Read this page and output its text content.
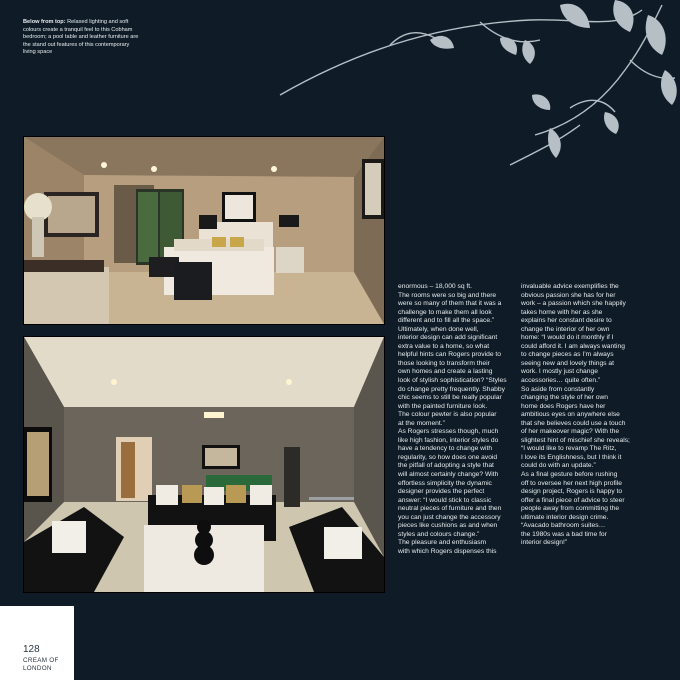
Below from top: Relaxed lighting and soft colours create a tranquil feel to this Cobham bedroom; a pool table and leather furniture are the stand out features of this contemporary living space

enormous – 18,000 sq ft.

The rooms were so big and there

were so many of them that it was a

challenge to make them all look

different and to fill all the space.”

Ultimately, when done well,

interior design can add significant

extra value to a home, so what

helpful hints can Rogers provide to

those looking to transform their

own homes and create a lasting

look of stylish sophistication? “Styles

do change pretty frequently. Shabby

chic seems to still be really popular

with the painted furniture look.

The colour pewter is also popular

at the moment.”

As Rogers stresses though, much

like high fashion, interior styles do

have a tendency to change with

regularity, so how does one avoid

the pitfall of adopting a style that

will almost certainly change? With

effortless simplicity the dynamic

designer provides the perfect

answer: “I would stick to classic

neutral pieces of furniture and then

you can just change the accessory

pieces like cushions as and when

styles and colours change.”

The pleasure and enthusiasm

with which Rogers dispenses this

invaluable advice exemplifies the

obvious passion she has for her

work – a passion which she happily

takes home with her as she

explains her constant desire to

change the interior of her own

home: “I would do it monthly if I

could afford it. I am always wanting

to change pieces as I’m always

seeing new and lovely things at

work. I mostly just change

accessories… quite often.”

So aside from constantly

changing the style of her own

home does Rogers have her

ambitious eyes on anywhere else

that she believes could use a touch

of her makeover magic? With the

slightest hint of mischief she reveals;

“I would like to revamp The Ritz,

I love its Englishness, but I think it

could do with an update.”

As a final gesture before rushing

off to oversee her next high profile

design project, Rogers is happy to

offer a final piece of advice to steer

people away from committing the

ultimate interior design crime.

“Avacado bathroom suites…

the 1980s was a bad time for

interior design!”

128
CREAM OF
LONDON
